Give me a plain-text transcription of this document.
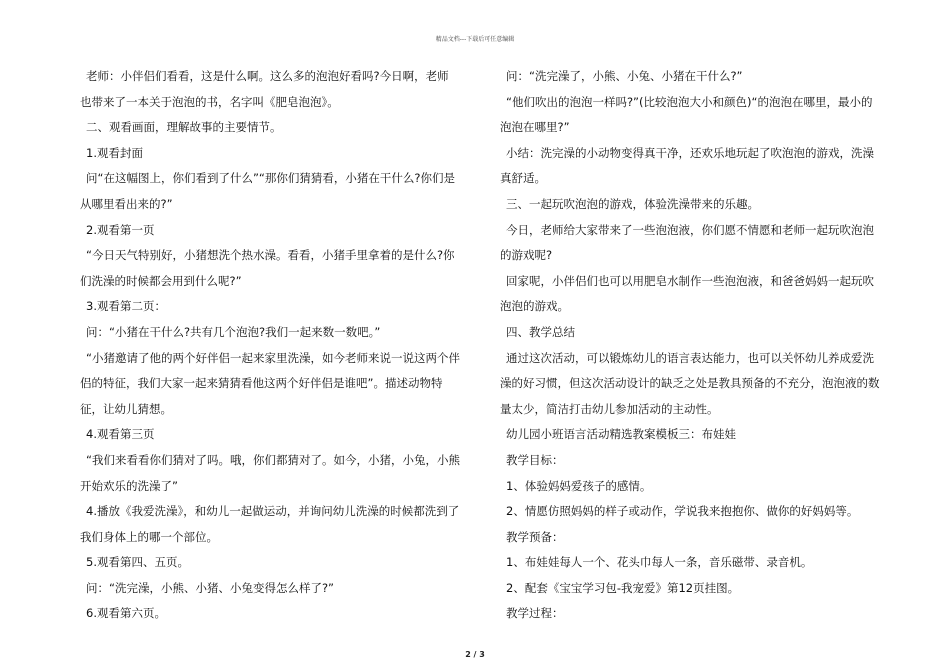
精品文档---下载后可任意编辑

老师：小伴侣们看看，这是什么啊。这么多的泡泡好看吗?今日啊，老师也带来了一本关于泡泡的书，名字叫《肥皂泡泡》。

二、观看画面，理解故事的主要情节。

1.观看封面

问“在这幅图上，你们看到了什么”“那你们猜猜看，小猪在干什么?你们是从哪里看出来的?”

2.观看第一页

“今日天气特别好，小猪想洗个热水澡。看看，小猪手里拿着的是什么?你们洗澡的时候都会用到什么呢?”

3.观看第二页：

问：“小猪在干什么?共有几个泡泡?我们一起来数一数吧。”

“小猪邀请了他的两个好伴侣一起来家里洗澡，如今老师来说一说这两个伴侣的特征，我们大家一起来猜猜看他这两个好伴侣是谁吧”。描述动物特征，让幼儿猜想。

4.观看第三页

“我们来看看你们猜对了吗。哦，你们都猜对了。如今，小猪，小兔，小熊开始欢乐的洗澡了”

4.播放《我爱洗澡》，和幼儿一起做运动，并询问幼儿洗澡的时候都洗到了我们身体上的哪一个部位。

5.观看第四、五页。

问：“洗完澡，小熊、小猪、小兔变得怎么样了?”

6.观看第六页。

问：“洗完澡了，小熊、小兔、小猪在干什么?”

“他们吹出的泡泡一样吗?”(比较泡泡大小和颜色)“的泡泡在哪里，最小的泡泡在哪里?”

小结：洗完澡的小动物变得真干净，还欢乐地玩起了吹泡泡的游戏，洗澡真舒适。

三、一起玩吹泡泡的游戏，体验洗澡带来的乐趣。

今日，老师给大家带来了一些泡泡液，你们愿不情愿和老师一起玩吹泡泡的游戏呢?

回家呢，小伴侣们也可以用肥皂水制作一些泡泡液，和爸爸妈妈一起玩吹泡泡的游戏。

四、教学总结

通过这次活动，可以锻炼幼儿的语言表达能力，也可以关怀幼儿养成爱洗澡的好习惯，但这次活动设计的缺乏之处是教具预备的不充分，泡泡液的数量太少，简洁打击幼儿参加活动的主动性。

幼儿园小班语言活动精选教案模板三：布娃娃

教学目标：

1、体验妈妈爱孩子的感情。

2、情愿仿照妈妈的样子或动作，学说我来抱抱你、做你的好妈妈等。

教学预备：

1、布娃娃每人一个、花头巾每人一条，音乐磁带、录音机。

2、配套《宝宝学习包-我宠爱》第12页挂图。

教学过程：

2 / 3
